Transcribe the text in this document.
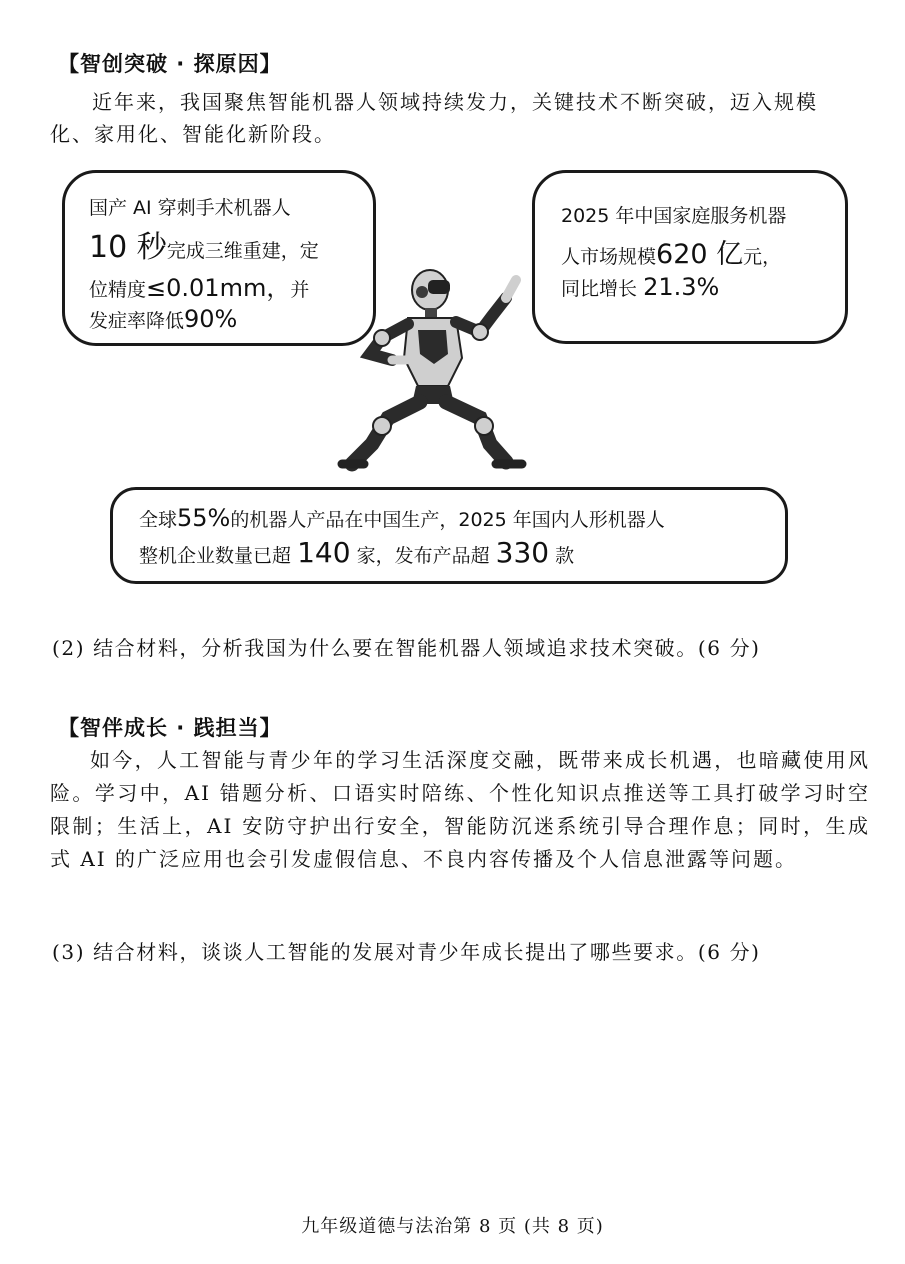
【智创突破 · 探原因】
近年来，我国聚焦智能机器人领域持续发力，关键技术不断突破，迈入规模
化、家用化、智能化新阶段。
国产 AI 穿刺手术机器人
10 秒完成三维重建，定
位精度≤0.01mm，并
发症率降低90%
2025 年中国家庭服务机器
人市场规模620 亿元，
同比增长 21.3%
全球55%的机器人产品在中国生产，2025 年国内人形机器人
整机企业数量已超 140 家，发布产品超 330 款
(2) 结合材料，分析我国为什么要在智能机器人领域追求技术突破。(6 分)
【智伴成长 · 践担当】
如今，人工智能与青少年的学习生活深度交融，既带来成长机遇，也暗藏使用风险。学习中，AI 错题分析、口语实时陪练、个性化知识点推送等工具打破学习时空限制；生活上，AI 安防守护出行安全，智能防沉迷系统引导合理作息；同时，生成式 AI 的广泛应用也会引发虚假信息、不良内容传播及个人信息泄露等问题。
(3) 结合材料，谈谈人工智能的发展对青少年成长提出了哪些要求。(6 分)
九年级道德与法治第 8 页 (共 8 页)
